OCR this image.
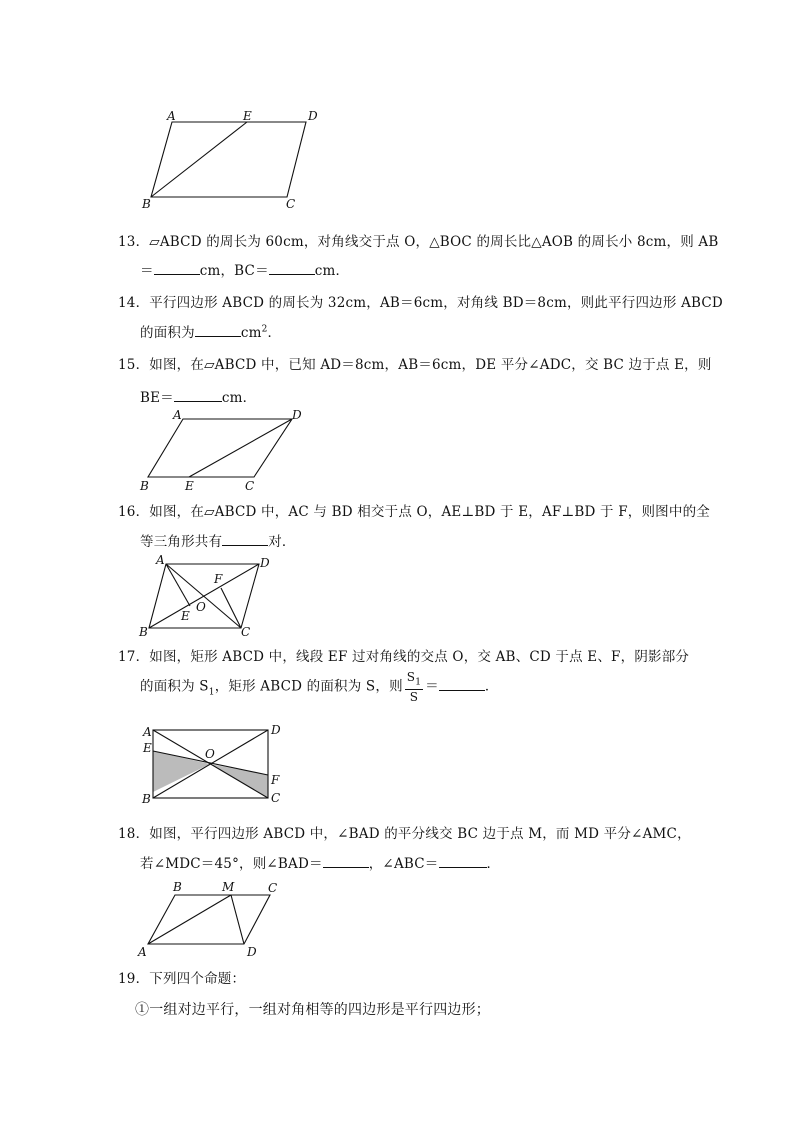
A	E	D
B	C
13．▱ABCD 的周长为 60cm，对角线交于点 O，△BOC 的周长比△AOB 的周长小 8cm，则 AB
＝	cm，BC＝	cm．
14．平行四边形 ABCD 的周长为 32cm，AB＝6cm，对角线 BD＝8cm，则此平行四边形 ABCD
的面积为	$cm^2$．
15．如图，在▱ABCD 中，已知 AD＝8cm，AB＝6cm，DE 平分∠ADC，交 BC 边于点 E，则
BE＝	cm．
A	D
B	E	C
16．如图，在▱ABCD 中，AC 与 BD 相交于点 O，AE⊥BD 于 E，AF⊥BD 于 F，则图中的全
等三角形共有	对．
A	D
F
O
E
B	C
17．如图，矩形 ABCD 中，线段 EF 过对角线的交点 O，交 AB、CD 于点 E、F，阴影部分
的面积为 $S_1$，矩形 ABCD 的面积为 S，则 $\frac{S_1}{S}$ ＝	．
A	D
E	O
F
B	C
18．如图，平行四边形 ABCD 中，∠BAD 的平分线交 BC 边于点 M，而 MD 平分∠AMC，
若∠MDC＝45°，则∠BAD＝	，∠ABC＝	．
B	M	C
A	D
19．下列四个命题：
①一组对边平行，一组对角相等的四边形是平行四边形；
